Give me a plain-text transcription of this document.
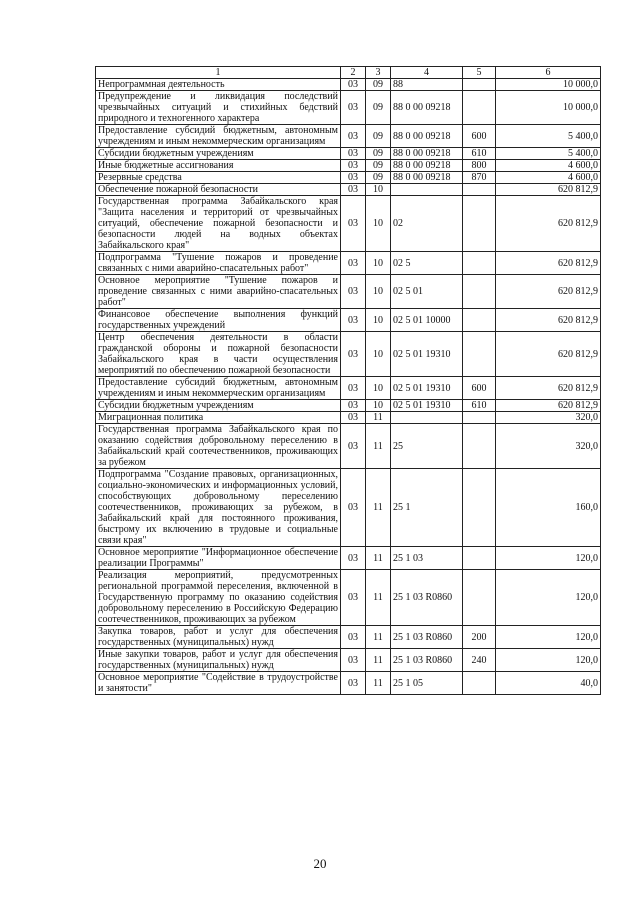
1	2	3	4	5	6
Непрограммная деятельность	03	09	88		10 000,0
Предупреждение и ликвидация последствий чрезвычайных ситуаций и стихийных бедствий природного и техногенного характера	03	09	88 0 00 09218		10 000,0
Предоставление субсидий бюджетным, автономным учреждениям и иным некоммерческим организациям	03	09	88 0 00 09218	600	5 400,0
Субсидии бюджетным учреждениям	03	09	88 0 00 09218	610	5 400,0
Иные бюджетные ассигнования	03	09	88 0 00 09218	800	4 600,0
Резервные средства	03	09	88 0 00 09218	870	4 600,0
Обеспечение пожарной безопасности	03	10			620 812,9
Государственная программа Забайкальского края "Защита населения и территорий от чрезвычайных ситуаций, обеспечение пожарной безопасности и безопасности людей на водных объектах Забайкальского края"	03	10	02		620 812,9
Подпрограмма "Тушение пожаров и проведение связанных с ними аварийно-спасательных работ"	03	10	02 5		620 812,9
Основное мероприятие "Тушение пожаров и проведение связанных с ними аварийно-спасательных работ"	03	10	02 5 01		620 812,9
Финансовое обеспечение выполнения функций государственных учреждений	03	10	02 5 01 10000		620 812,9
Центр обеспечения деятельности в области гражданской обороны и пожарной безопасности Забайкальского края в части осуществления мероприятий по обеспечению пожарной безопасности	03	10	02 5 01 19310		620 812,9
Предоставление субсидий бюджетным, автономным учреждениям и иным некоммерческим организациям	03	10	02 5 01 19310	600	620 812,9
Субсидии бюджетным учреждениям	03	10	02 5 01 19310	610	620 812,9
Миграционная политика	03	11			320,0
Государственная программа Забайкальского края по оказанию содействия добровольному переселению в Забайкальский край соотечественников, проживающих за рубежом	03	11	25		320,0
Подпрограмма "Создание правовых, организационных, социально-экономических и информационных условий, способствующих добровольному переселению соотечественников, проживающих за рубежом, в Забайкальский край для постоянного проживания, быстрому их включению в трудовые и социальные связи края"	03	11	25 1		160,0
Основное мероприятие "Информационное обеспечение реализации Программы"	03	11	25 1 03		120,0
Реализация мероприятий, предусмотренных региональной программой переселения, включенной в Государственную программу по оказанию содействия добровольному переселению в Российскую Федерацию соотечественников, проживающих за рубежом	03	11	25 1 03 R0860		120,0
Закупка товаров, работ и услуг для обеспечения государственных (муниципальных) нужд	03	11	25 1 03 R0860	200	120,0
Иные закупки товаров, работ и услуг для обеспечения государственных (муниципальных) нужд	03	11	25 1 03 R0860	240	120,0
Основное мероприятие "Содействие в трудоустройстве и занятости"	03	11	25 1 05		40,0
20
